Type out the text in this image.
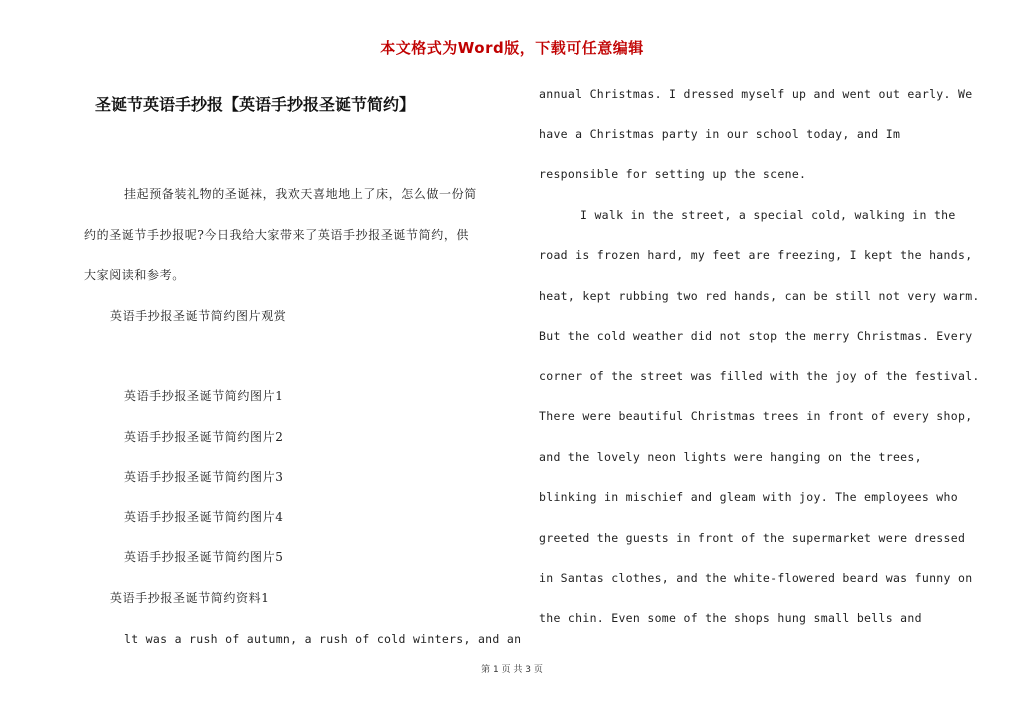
本文格式为Word版，下载可任意编辑
圣诞节英语手抄报【英语手抄报圣诞节简约】
挂起预备装礼物的圣诞袜，我欢天喜地地上了床，怎么做一份简
约的圣诞节手抄报呢?今日我给大家带来了英语手抄报圣诞节简约，供
大家阅读和参考。
英语手抄报圣诞节简约图片观赏
英语手抄报圣诞节简约图片1
英语手抄报圣诞节简约图片2
英语手抄报圣诞节简约图片3
英语手抄报圣诞节简约图片4
英语手抄报圣诞节简约图片5
英语手抄报圣诞节简约资料1
lt was a rush of autumn, a rush of cold winters, and an
annual Christmas. I dressed myself up and went out early. We
have a Christmas party in our school today, and Im
responsible for setting up the scene.
I walk in the street, a special cold, walking in the
road is frozen hard, my feet are freezing, I kept the hands,
heat, kept rubbing two red hands, can be still not very warm.
But the cold weather did not stop the merry Christmas. Every
corner of the street was filled with the joy of the festival.
There were beautiful Christmas trees in front of every shop,
and the lovely neon lights were hanging on the trees,
blinking in mischief and gleam with joy. The employees who
greeted the guests in front of the supermarket were dressed
in Santas clothes, and the white-flowered beard was funny on
the chin. Even some of the shops hung small bells and
第 1 页 共 3 页
